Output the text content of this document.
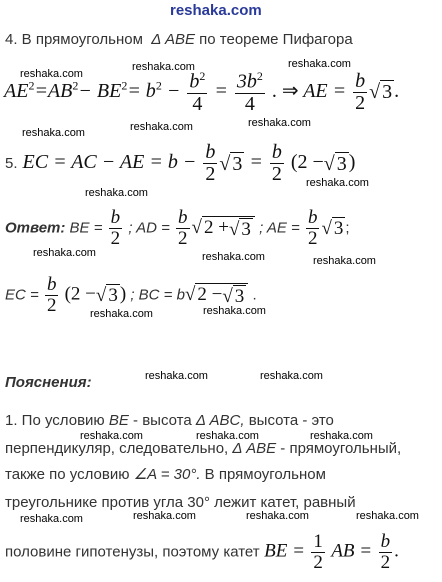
reshaka.com
reshaka.com
reshaka.com	reshaka.com
reshaka.com	reshaka.com	reshaka.com
reshaka.com
reshaka.com
reshaka.com	reshaka.com	reshaka.com
reshaka.com	reshaka.com
reshaka.com	reshaka.com
reshaka.com	reshaka.com	reshaka.com
reshaka.com	reshaka.com	reshaka.com	reshaka.com
4. В прямоугольном Δ ABE по теореме Пифагора
$AE^2=AB^2- BE^2= b^2 - \frac{b^2}{4} = \frac{3b^2}{4}$ . ⇒ AE = $\frac{b}{2}$ √ 3 .
5. EC = AC − AE = $b - \frac{b}{2}$ √ $3 = \frac{b}{2} (2$ −√ 3 )
Ответ: BE = $\frac{b}{2}$ ; AD = $\frac{b}{2}$ √ 2 +√ 3 ; AE = $\frac{b}{2}$ √ 3 ;
EC = $\frac{b}{2} (2$ −√ 3 ) ; BC = b√ 2 −√ 3 .
Пояснения:
1. По условию BE - высота Δ ABC, высота - это
перпендикуляр, следовательно, Δ ABE - прямоугольный,
также по условию ∠A = 30°. В прямоугольном
треугольнике против угла 30° лежит катет, равный
половине гипотенузы, поэтому катет BE = $\frac{1}{2}$ AB = $\frac{b}{2}$ .
